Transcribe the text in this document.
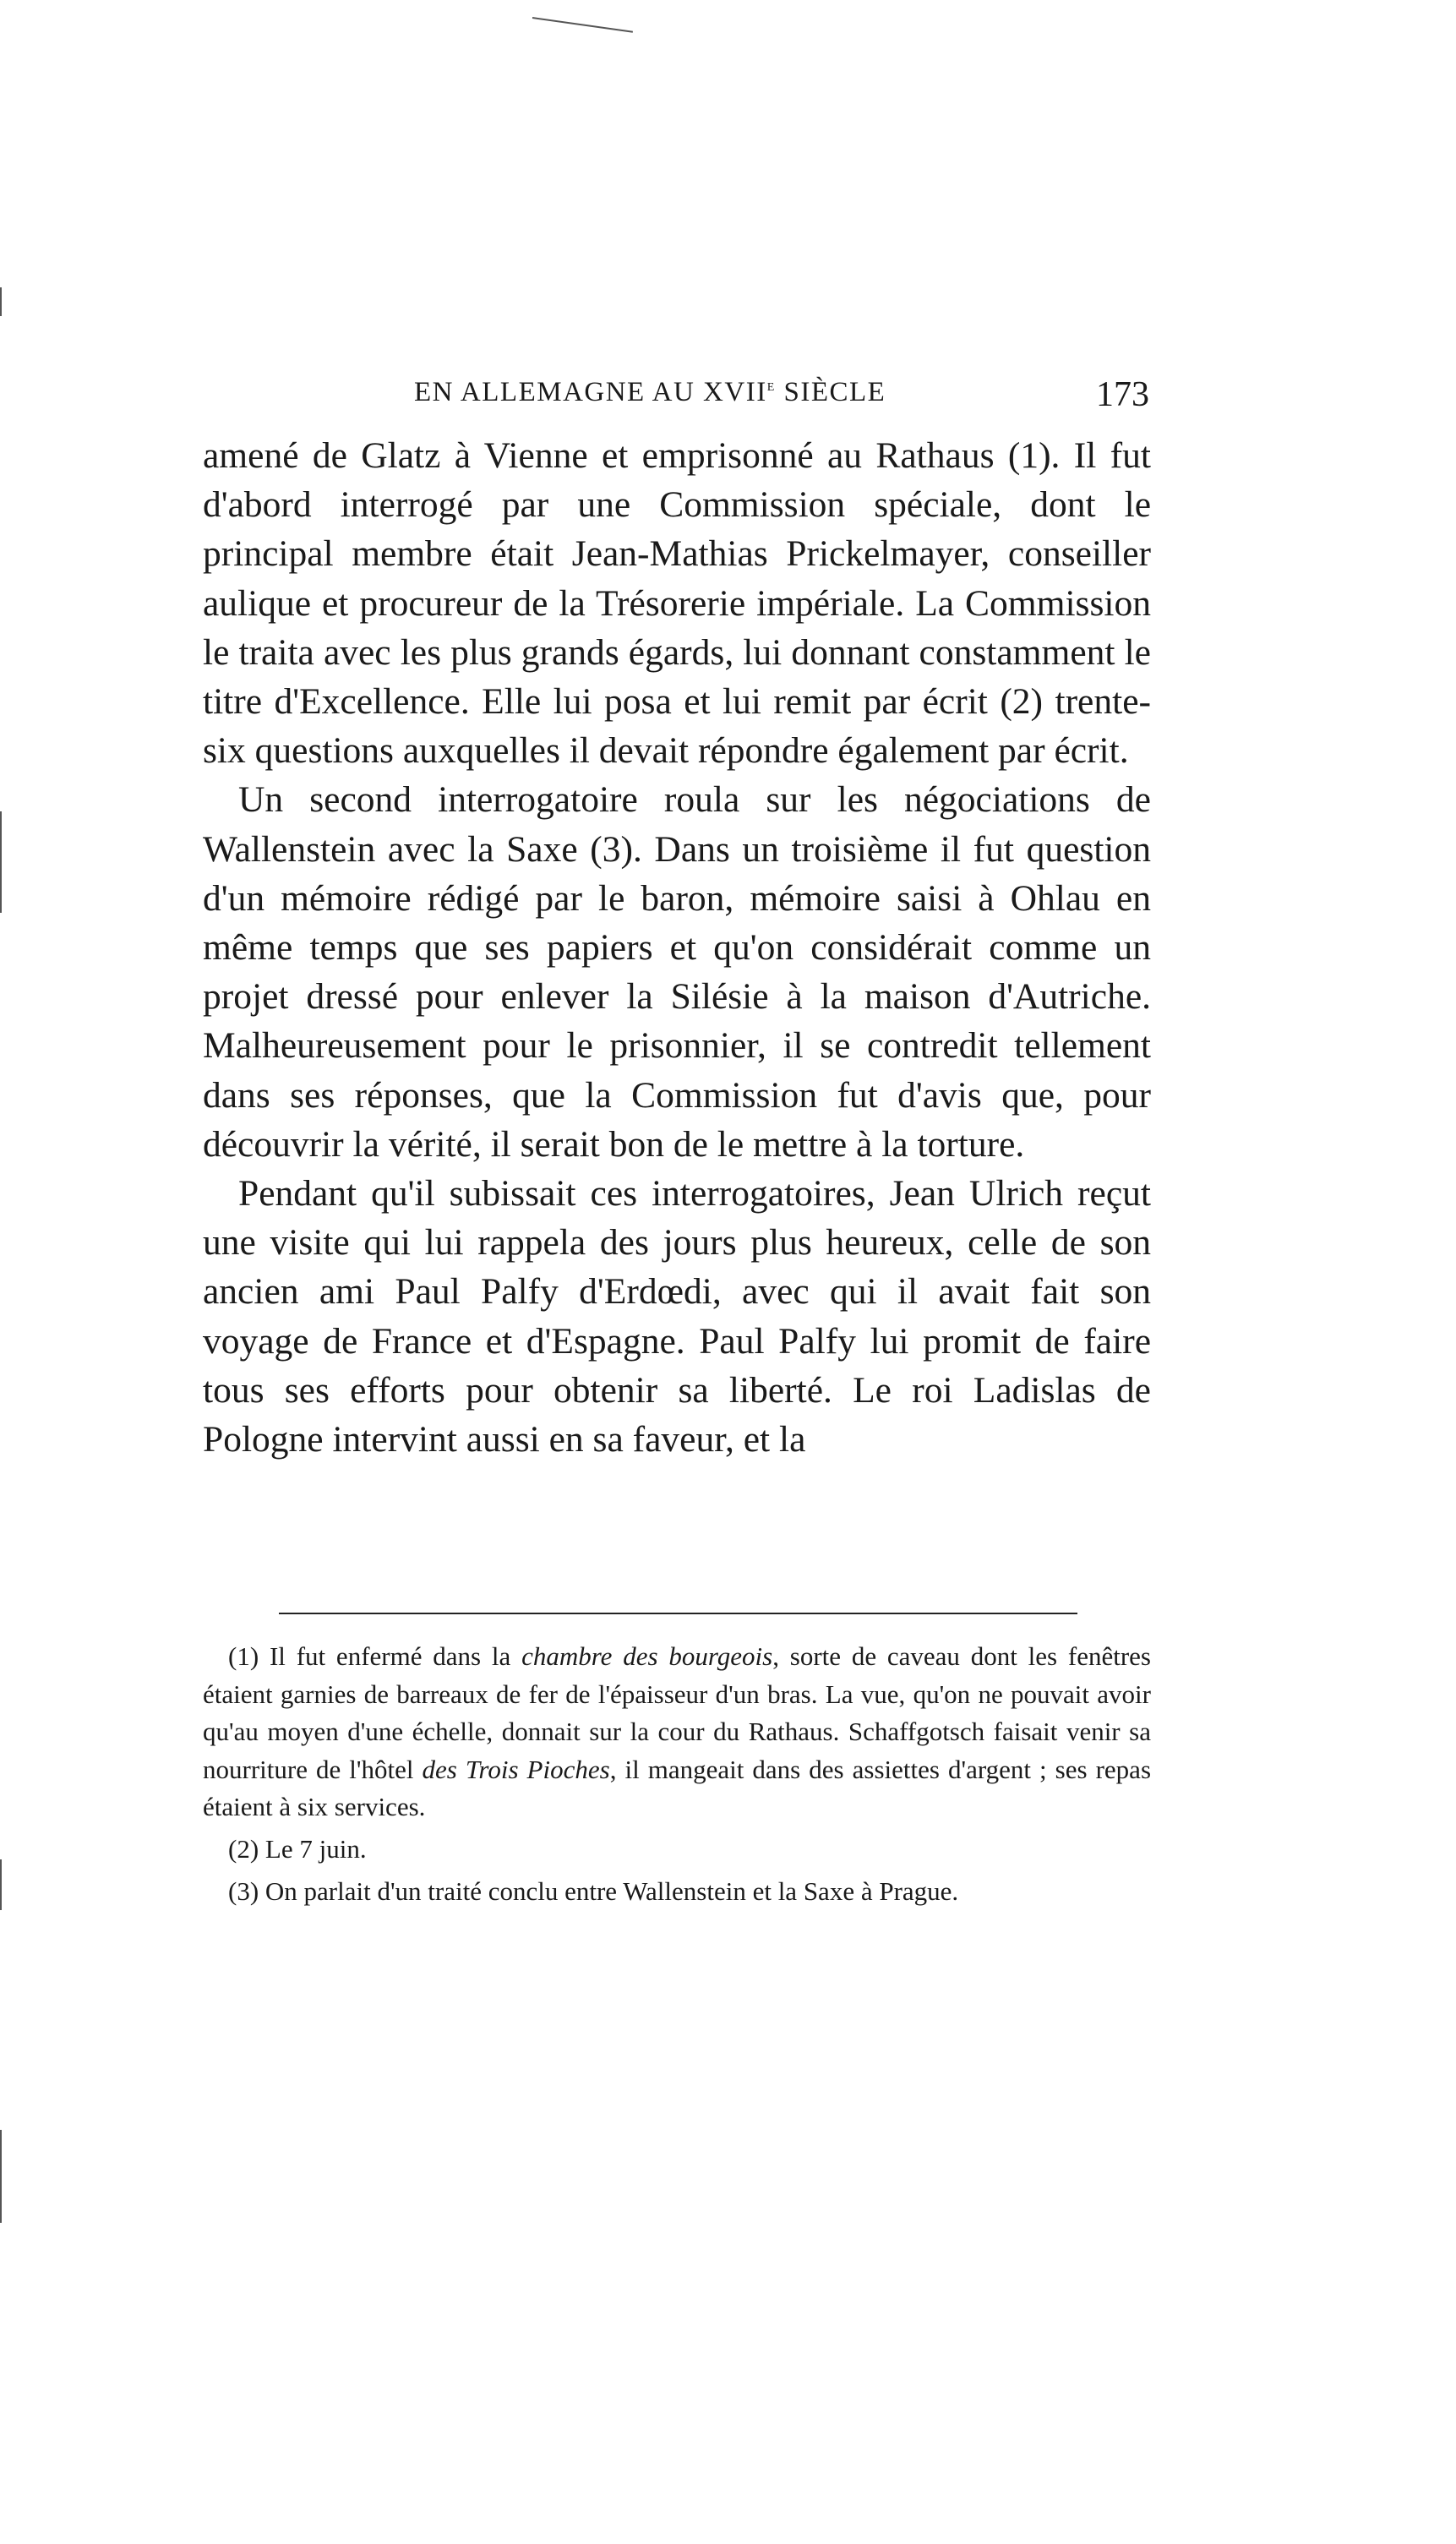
EN ALLEMAGNE AU XVIIe SIÈCLE	173

amené de Glatz à Vienne et emprisonné au Rathaus (1). Il fut d'abord interrogé par une Commission spéciale, dont le principal membre était Jean-Mathias Prickelmayer, conseiller aulique et procureur de la Trésorerie impériale. La Commission le traita avec les plus grands égards, lui donnant constamment le titre d'Excellence. Elle lui posa et lui remit par écrit (2) trente-six questions auxquelles il devait répondre également par écrit.

Un second interrogatoire roula sur les négociations de Wallenstein avec la Saxe (3). Dans un troisième il fut question d'un mémoire rédigé par le baron, mémoire saisi à Ohlau en même temps que ses papiers et qu'on considérait comme un projet dressé pour enlever la Silésie à la maison d'Autriche. Malheureusement pour le prisonnier, il se contredit tellement dans ses réponses, que la Commission fut d'avis que, pour découvrir la vérité, il serait bon de le mettre à la torture.

Pendant qu'il subissait ces interrogatoires, Jean Ulrich reçut une visite qui lui rappela des jours plus heureux, celle de son ancien ami Paul Palfy d'Erdœdi, avec qui il avait fait son voyage de France et d'Espagne. Paul Palfy lui promit de faire tous ses efforts pour obtenir sa liberté. Le roi Ladislas de Pologne intervint aussi en sa faveur, et la

(1) Il fut enfermé dans la chambre des bourgeois, sorte de caveau dont les fenêtres étaient garnies de barreaux de fer de l'épaisseur d'un bras. La vue, qu'on ne pouvait avoir qu'au moyen d'une échelle, donnait sur la cour du Rathaus. Schaffgotsch faisait venir sa nourriture de l'hôtel des Trois Pioches, il mangeait dans des assiettes d'argent ; ses repas étaient à six services.

(2) Le 7 juin.

(3) On parlait d'un traité conclu entre Wallenstein et la Saxe à Prague.
